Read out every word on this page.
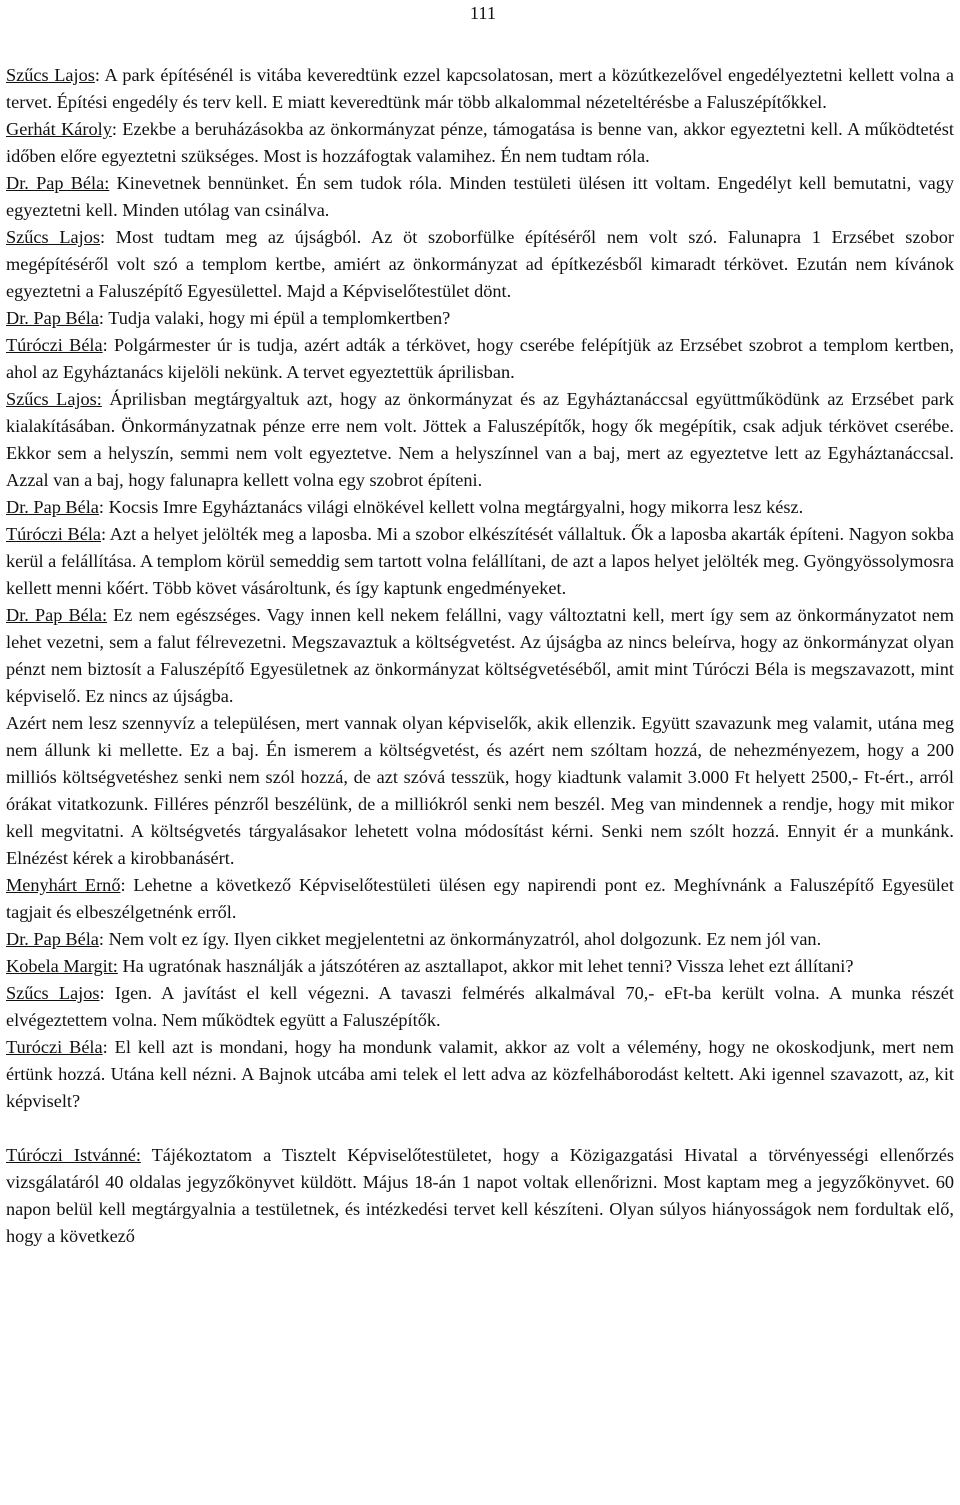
111

Szűcs Lajos: A park építésénél is vitába keveredtünk ezzel kapcsolatosan, mert a közútkezelővel engedélyeztetni kellett volna a tervet. Építési engedély és terv kell. E miatt keveredtünk már több alkalommal nézeteltérésbe a Faluszépítőkkel.

Gerhát Károly: Ezekbe a beruházásokba az önkormányzat pénze, támogatása is benne van, akkor egyeztetni kell. A működtetést időben előre egyeztetni szükséges. Most is hozzáfogtak valamihez. Én nem tudtam róla.

Dr. Pap Béla: Kinevetnek bennünket. Én sem tudok róla. Minden testületi ülésen itt voltam. Engedélyt kell bemutatni, vagy egyeztetni kell. Minden utólag van csinálva.

Szűcs Lajos: Most tudtam meg az újságból. Az öt szoborfülke építéséről nem volt szó. Falunapra 1 Erzsébet szobor megépítéséről volt szó a templom kertbe, amiért az önkormányzat ad építkezésből kimaradt térkövet. Ezután nem kívánok egyeztetni a Faluszépítő Egyesülettel. Majd a Képviselőtestület dönt.

Dr. Pap Béla: Tudja valaki, hogy mi épül a templomkertben?

Túróczi Béla: Polgármester úr is tudja, azért adták a térkövet, hogy cserébe felépítjük az Erzsébet szobrot a templom kertben, ahol az Egyháztanács kijelöli nekünk. A tervet egyeztettük áprilisban.

Szűcs Lajos: Áprilisban megtárgyaltuk azt, hogy az önkormányzat és az Egyháztanáccsal együttműködünk az Erzsébet park kialakításában. Önkormányzatnak pénze erre nem volt. Jöttek a Faluszépítők, hogy ők megépítik, csak adjuk térkövet cserébe. Ekkor sem a helyszín, semmi nem volt egyeztetve. Nem a helyszínnel van a baj, mert az egyeztetve lett az Egyháztanáccsal. Azzal van a baj, hogy falunapra kellett volna egy szobrot építeni.

Dr. Pap Béla: Kocsis Imre Egyháztanács világi elnökével kellett volna megtárgyalni, hogy mikorra lesz kész.

Túróczi Béla: Azt a helyet jelölték meg a laposba. Mi a szobor elkészítését vállaltuk. Ők a laposba akarták építeni. Nagyon sokba kerül a felállítása. A templom körül semeddig sem tartott volna felállítani, de azt a lapos helyet jelölték meg. Gyöngyössolymosra kellett menni kőért. Több követ vásároltunk, és így kaptunk engedményeket.

Dr. Pap Béla: Ez nem egészséges. Vagy innen kell nekem felállni, vagy változtatni kell, mert így sem az önkormányzatot nem lehet vezetni, sem a falut félrevezetni. Megszavaztuk a költségvetést. Az újságba az nincs beleírva, hogy az önkormányzat olyan pénzt nem biztosít a Faluszépítő Egyesületnek az önkormányzat költségvetéséből, amit mint Túróczi Béla is megszavazott, mint képviselő. Ez nincs az újságba.

Azért nem lesz szennyvíz a településen, mert vannak olyan képviselők, akik ellenzik. Együtt szavazunk meg valamit, utána meg nem állunk ki mellette. Ez a baj. Én ismerem a költségvetést, és azért nem szóltam hozzá, de nehezményezem, hogy a 200 milliós költségvetéshez senki nem szól hozzá, de azt szóvá tesszük, hogy kiadtunk valamit 3.000 Ft helyett 2500,- Ft-ért., arról órákat vitatkozunk. Filléres pénzről beszélünk, de a milliókról senki nem beszél. Meg van mindennek a rendje, hogy mit mikor kell megvitatni. A költségvetés tárgyalásakor lehetett volna módosítást kérni. Senki nem szólt hozzá. Ennyit ér a munkánk. Elnézést kérek a kirobbanásért.

Menyhárt Ernő: Lehetne a következő Képviselőtestületi ülésen egy napirendi pont ez. Meghívnánk a Faluszépítő Egyesület tagjait és elbeszélgetnénk erről.

Dr. Pap Béla: Nem volt ez így. Ilyen cikket megjelentetni az önkormányzatról, ahol dolgozunk. Ez nem jól van.

Kobela Margit: Ha ugratónak használják a játszótéren az asztallapot, akkor mit lehet tenni? Vissza lehet ezt állítani?

Szűcs Lajos: Igen. A javítást el kell végezni. A tavaszi felmérés alkalmával 70,- eFt-ba került volna. A munka részét elvégeztettem volna. Nem működtek együtt a Faluszépítők.

Turóczi Béla: El kell azt is mondani, hogy ha mondunk valamit, akkor az volt a vélemény, hogy ne okoskodjunk, mert nem értünk hozzá. Utána kell nézni. A Bajnok utcába ami telek el lett adva az közfelháborodást keltett. Aki igennel szavazott, az, kit képviselt?

Túróczi Istvánné: Tájékoztatom a Tisztelt Képviselőtestületet, hogy a Közigazgatási Hivatal a törvényességi ellenőrzés vizsgálatáról 40 oldalas jegyzőkönyvet küldött. Május 18-án 1 napot voltak ellenőrizni. Most kaptam meg a jegyzőkönyvet. 60 napon belül kell megtárgyalnia a testületnek, és intézkedési tervet kell készíteni. Olyan súlyos hiányosságok nem fordultak elő, hogy a következő
